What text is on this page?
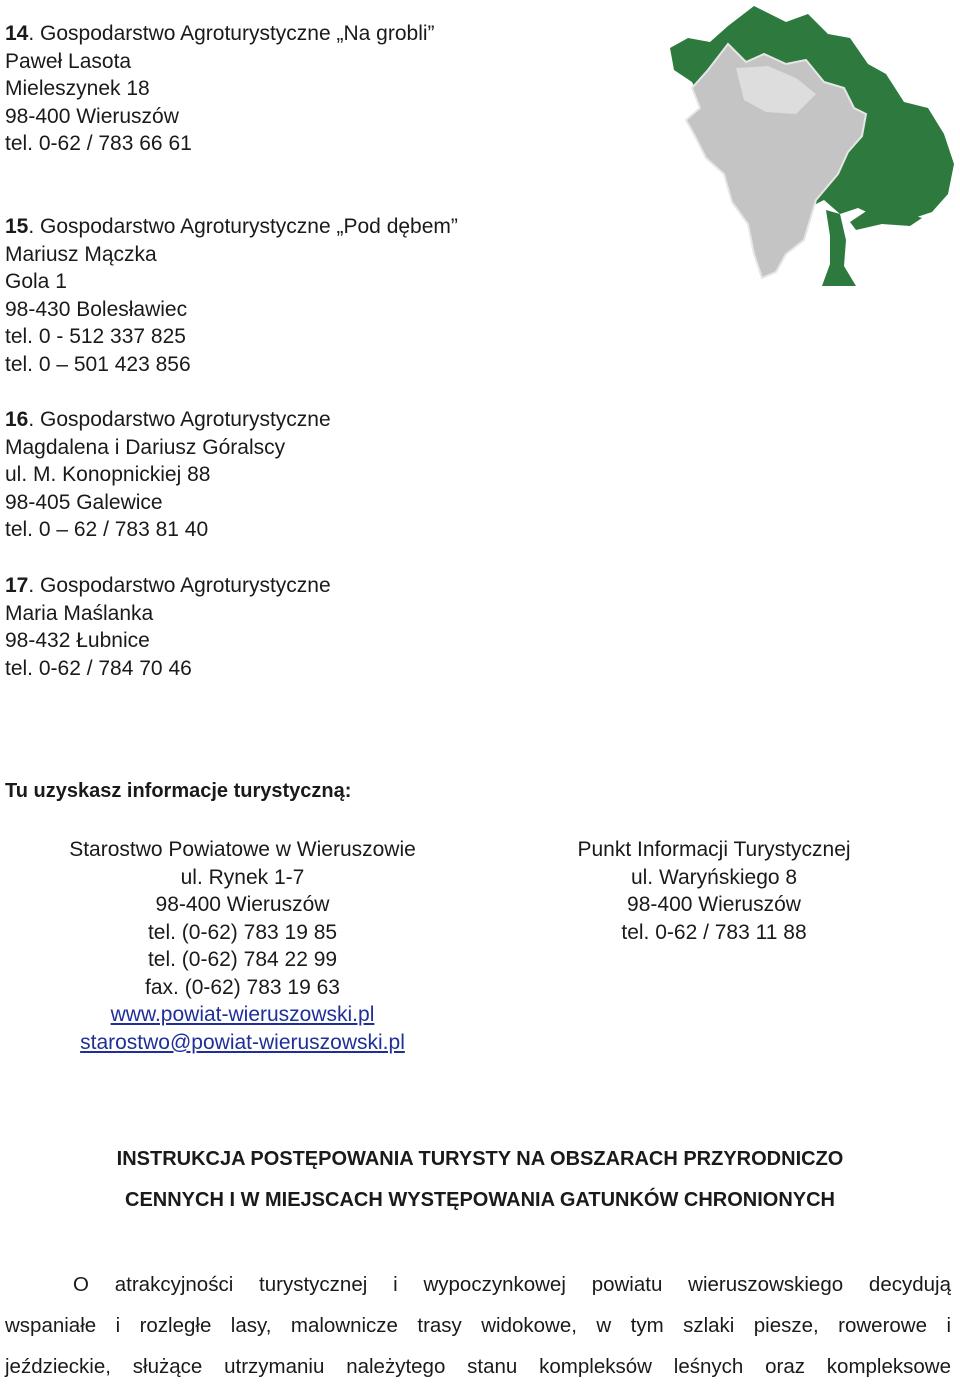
14. Gospodarstwo Agroturystyczne „Na grobli”
Paweł Lasota
Mieleszynek 18
98-400 Wieruszów
tel. 0-62 / 783 66 61
15. Gospodarstwo Agroturystyczne „Pod dębem”
Mariusz Mączka
Gola 1
98-430 Bolesławiec
tel. 0 - 512 337 825
tel. 0 – 501 423 856
16. Gospodarstwo Agroturystyczne
Magdalena i Dariusz Góralscy
ul. M. Konopnickiej 88
98-405 Galewice
tel. 0 – 62 / 783 81 40
17. Gospodarstwo Agroturystyczne
Maria Maślanka
98-432 Łubnice
tel. 0-62 / 784 70 46
Tu uzyskasz informacje turystyczną:
Starostwo Powiatowe w Wieruszowie
ul. Rynek 1-7
98-400 Wieruszów
tel. (0-62) 783 19 85
tel. (0-62) 784 22 99
fax. (0-62) 783 19 63
www.powiat-wieruszowski.pl
starostwo@powiat-wieruszowski.pl
Punkt Informacji Turystycznej
ul. Waryńskiego 8
98-400 Wieruszów
tel. 0-62 / 783 11 88
INSTRUKCJA POSTĘPOWANIA TURYSTY NA OBSZARACH PRZYRODNICZO
CENNYCH I W MIEJSCACH WYSTĘPOWANIA GATUNKÓW CHRONIONYCH
O atrakcyjności turystycznej i wypoczynkowej powiatu wieruszowskiego decydują
wspaniałe i rozległe lasy, malownicze trasy widokowe, w tym szlaki piesze, rowerowe i
jeździeckie, służące utrzymaniu należytego stanu kompleksów leśnych oraz kompleksowe
